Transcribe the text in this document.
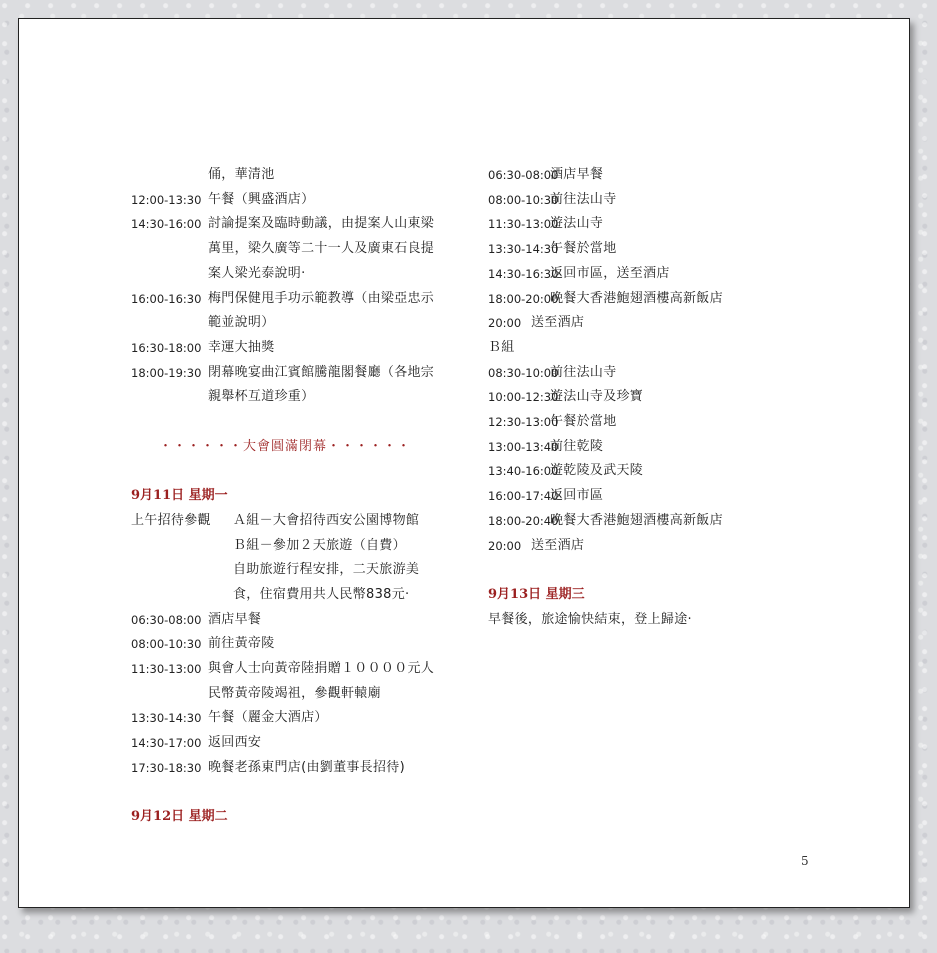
俑，華清池
12:00-13:30 午餐（興盛酒店）
14:30-16:00 討論提案及臨時動議，由提案人山東梁
萬里，梁久廣等二十一人及廣東石良提
案人梁光泰說明·
16:00-16:30 梅門保健甩手功示範教導（由梁亞忠示
範並說明）
16:30-18:00 幸運大抽獎
18:00-19:30 閉幕晚宴曲江賓館騰龍閣餐廳（各地宗
親舉杯互道珍重）
・・・・・・大會圓滿閉幕・・・・・・
9月11日 星期一
上午招待參觀	Ａ組－大會招待西安公園博物館
Ｂ組－參加２天旅遊（自費）
自助旅遊行程安排，二天旅游美
食，住宿費用共人民幣838元·
06:30-08:00 酒店早餐
08:00-10:30 前往黃帝陵
11:30-13:00 與會人士向黃帝陸捐贈１００００元人
民幣黃帝陵竭祖，參觀軒轅廟
13:30-14:30 午餐（麗金大酒店）
14:30-17:00 返回西安
17:30-18:30 晚餐老孫東門店(由劉董事長招待)
9月12日 星期二
06:30-08:00
酒店早餐
08:00-10:30
前往法山寺
11:30-13:00
遊法山寺
13:30-14:30
午餐於當地
14:30-16:30
返回市區，送至酒店
18:00-20:00
晚餐大香港鮑翅酒樓高新飯店
20:00 送至酒店
Ｂ組
08:30-10:00
前往法山寺
10:00-12:30
遊法山寺及珍寶
12:30-13:00
午餐於當地
13:00-13:40
前往乾陵
13:40-16:00
遊乾陵及武天陵
16:00-17:40
返回市區
18:00-20:40
晚餐大香港鮑翅酒樓高新飯店
20:00 送至酒店
9月13日 星期三
早餐後，旅途愉快結束，登上歸途·
5
